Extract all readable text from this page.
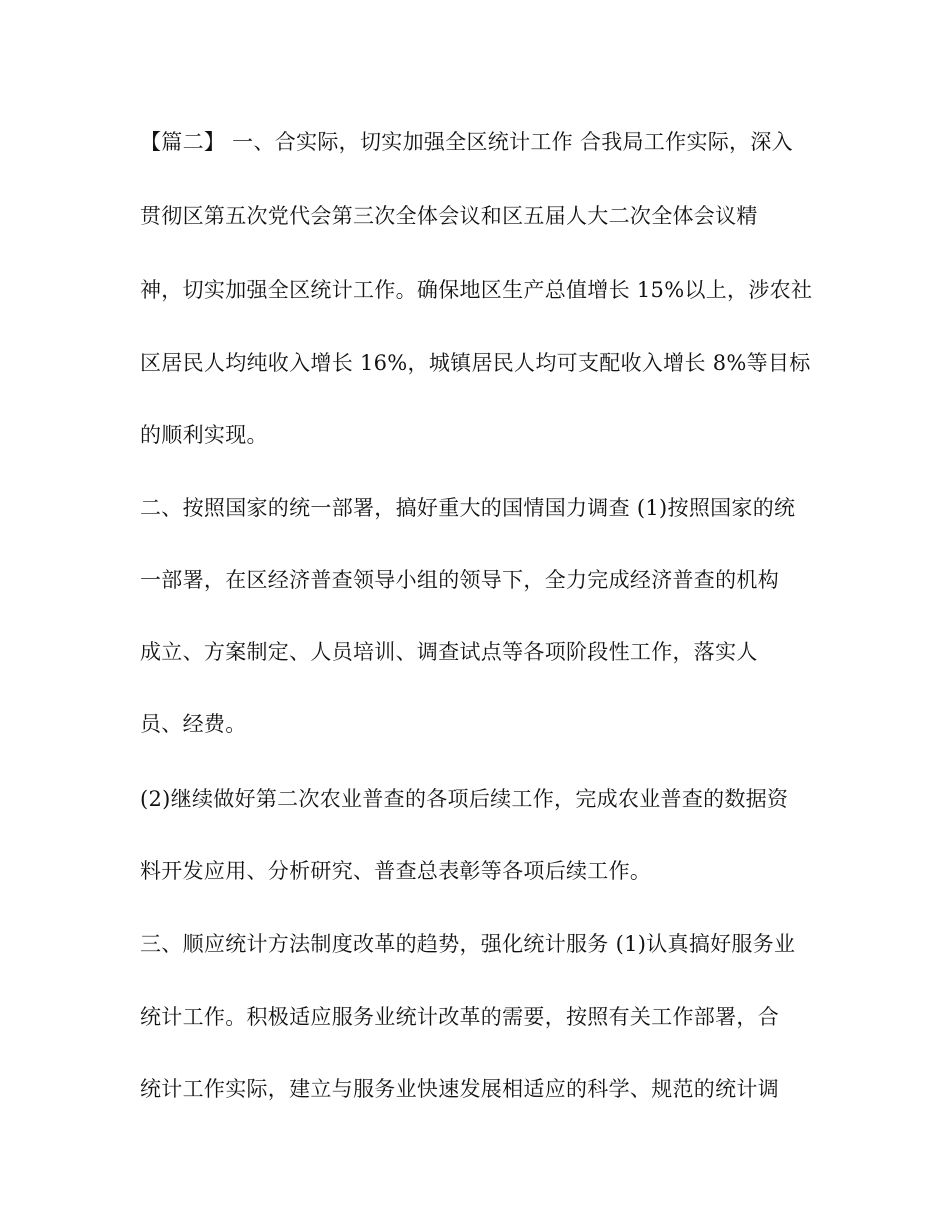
【篇二】 一、合实际，切实加强全区统计工作 合我局工作实际，深入
贯彻区第五次党代会第三次全体会议和区五届人大二次全体会议精
神，切实加强全区统计工作。确保地区生产总值增长 15%以上，涉农社
区居民人均纯收入增长 16%，城镇居民人均可支配收入增长 8%等目标
的顺利实现。
二、按照国家的统一部署，搞好重大的国情国力调查 (1)按照国家的统
一部署，在区经济普查领导小组的领导下，全力完成经济普查的机构
成立、方案制定、人员培训、调查试点等各项阶段性工作，落实人
员、经费。
(2)继续做好第二次农业普查的各项后续工作，完成农业普查的数据资
料开发应用、分析研究、普查总表彰等各项后续工作。
三、顺应统计方法制度改革的趋势，强化统计服务 (1)认真搞好服务业
统计工作。积极适应服务业统计改革的需要，按照有关工作部署，合
统计工作实际，建立与服务业快速发展相适应的科学、规范的统计调
